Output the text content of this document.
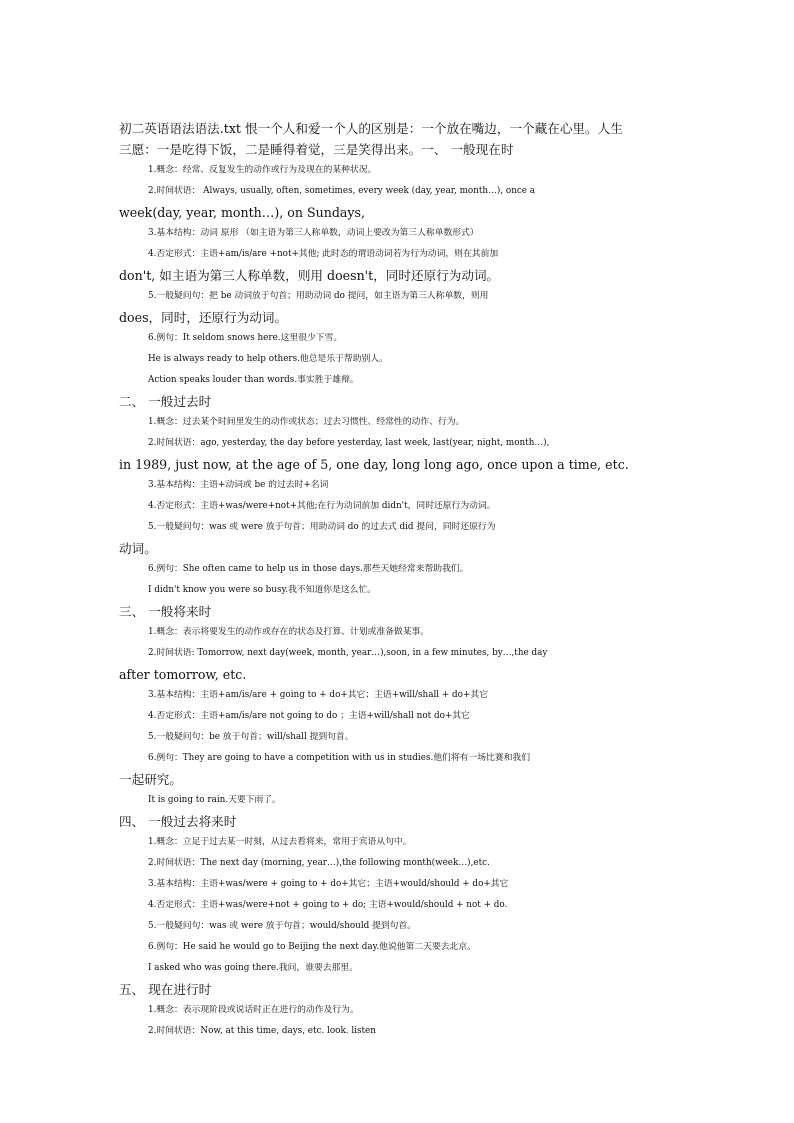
初二英语语法语法.txt 恨一个人和爱一个人的区别是：一个放在嘴边，一个藏在心里。人生

三愿：一是吃得下饭，二是睡得着觉，三是笑得出来。一、 一般现在时

1.概念：经常、反复发生的动作或行为及现在的某种状况。

2.时间状语： Always, usually, often, sometimes, every week (day, year, month…), once a

week(day, year, month…), on Sundays,

3.基本结构：动词 原形 （如主语为第三人称单数，动词上要改为第三人称单数形式）

4.否定形式：主语+am/is/are +not+其他; 此时态的谓语动词若为行为动词，则在其前加

don't, 如主语为第三人称单数，则用 doesn't，同时还原行为动词。

5.一般疑问句：把 be 动词放于句首；用助动词 do 提问，如主语为第三人称单数，则用

does，同时，还原行为动词。

6.例句：It seldom snows here.这里很少下雪。

He is always ready to help others.他总是乐于帮助别人。

Action speaks louder than words.事实胜于雄辩。

二、 一般过去时

1.概念：过去某个时间里发生的动作或状态；过去习惯性、经常性的动作、行为。

2.时间状语：ago, yesterday, the day before yesterday, last week, last(year, night, month…),

in 1989, just now, at the age of 5, one day, long long ago, once upon a time, etc.

3.基本结构：主语+动词或 be 的过去时+名词

4.否定形式：主语+was/were+not+其他;在行为动词前加 didn't，同时还原行为动词。

5.一般疑问句：was 或 were 放于句首；用助动词 do 的过去式 did 提问，同时还原行为

动词。

6.例句：She often came to help us in those days.那些天她经常来帮助我们。

I didn't know you were so busy.我不知道你是这么忙。

三、 一般将来时

1.概念：表示将要发生的动作或存在的状态及打算、计划或准备做某事。

2.时间状语: Tomorrow, next day(week, month, year…),soon, in a few minutes, by…,the day

after tomorrow, etc.

3.基本结构：主语+am/is/are + going to + do+其它；主语+will/shall + do+其它

4.否定形式：主语+am/is/are not going to do ；主语+will/shall not do+其它

5.一般疑问句：be 放于句首；will/shall 提到句首。

6.例句：They are going to have a competition with us in studies.他们将有一场比赛和我们

一起研究。

It is going to rain.天要下雨了。

四、 一般过去将来时

1.概念：立足于过去某一时刻，从过去看将来，常用于宾语从句中。

2.时间状语：The next day (morning, year…),the following month(week…),etc.

3.基本结构：主语+was/were + going to + do+其它；主语+would/should + do+其它

4.否定形式：主语+was/were+not + going to + do; 主语+would/should + not + do.

5.一般疑问句：was 或 were 放于句首；would/should 提到句首。

6.例句：He said he would go to Beijing the next day.他说他第二天要去北京。

I asked who was going there.我问，谁要去那里。

五、 现在进行时

1.概念：表示现阶段或说话时正在进行的动作及行为。

2.时间状语：Now, at this time, days, etc. look. listen
